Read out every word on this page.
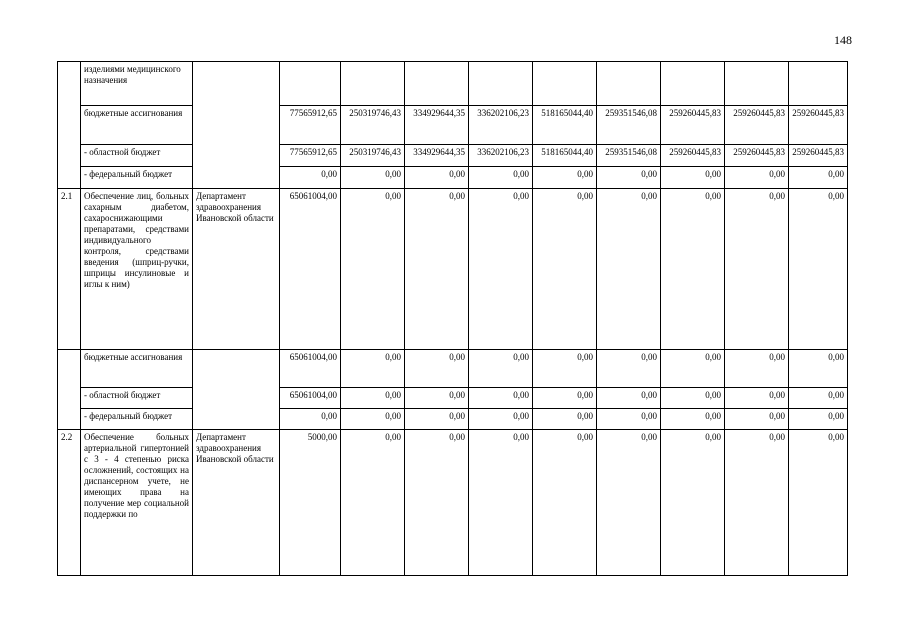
148
	изделиями медицинского назначения										
	бюджетные ассигнования		77565912,65	250319746,43	334929644,35	336202106,23	518165044,40	259351546,08	259260445,83	259260445,83	259260445,83
	- областной бюджет		77565912,65	250319746,43	334929644,35	336202106,23	518165044,40	259351546,08	259260445,83	259260445,83	259260445,83
	- федеральный бюджет		0,00	0,00	0,00	0,00	0,00	0,00	0,00	0,00	0,00
2.1	Обеспечение лиц, больных сахарным диабетом, сахароснижающими препаратами, средствами индивидуального контроля, средствами введения (шприц-ручки, шприцы инсулиновые и иглы к ним)	Департамент здравоохранения Ивановской области	65061004,00	0,00	0,00	0,00	0,00	0,00	0,00	0,00	0,00
	бюджетные ассигнования		65061004,00	0,00	0,00	0,00	0,00	0,00	0,00	0,00	0,00
	- областной бюджет		65061004,00	0,00	0,00	0,00	0,00	0,00	0,00	0,00	0,00
	- федеральный бюджет		0,00	0,00	0,00	0,00	0,00	0,00	0,00	0,00	0,00
2.2	Обеспечение больных артериальной гипертонией с 3 - 4 степенью риска осложнений, состоящих на диспансерном учете, не имеющих права на получение мер социальной поддержки по	Департамент здравоохранения Ивановской области	5000,00	0,00	0,00	0,00	0,00	0,00	0,00	0,00	0,00
